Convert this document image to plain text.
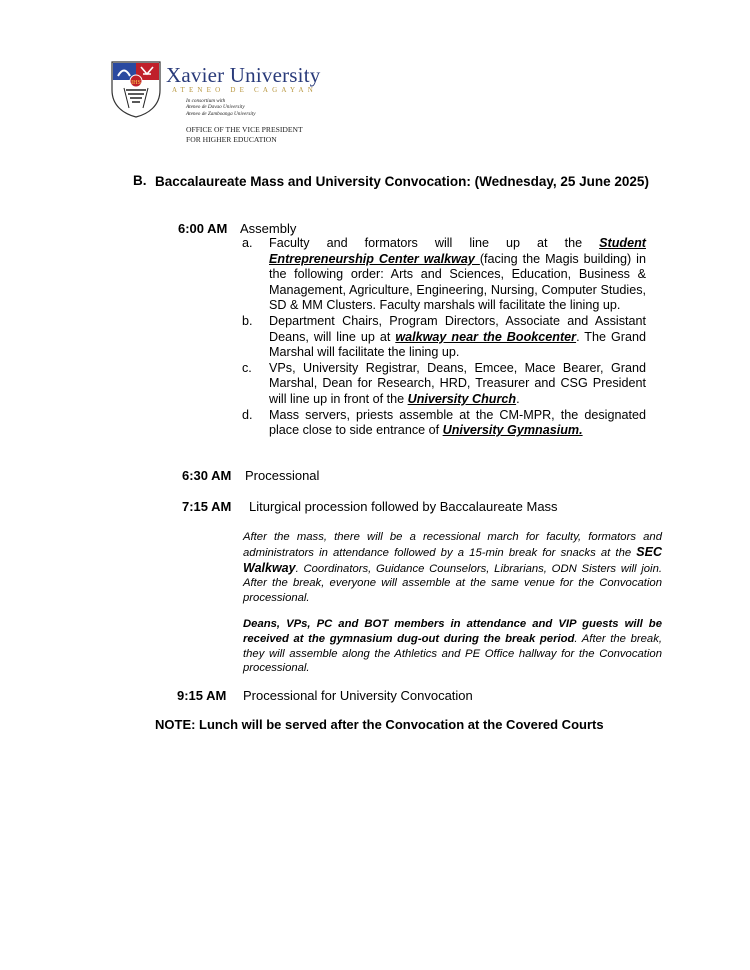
IHS Xavier University
ATENEO DE CAGAYAN
In consortium with
Ateneo de Davao University
Ateneo de Zamboanga University
OFFICE OF THE VICE PRESIDENT
FOR HIGHER EDUCATION
B. Baccalaureate Mass and University Convocation: (Wednesday, 25 June 2025)
6:00 AM Assembly
a.	Faculty and formators will line up at the Student Entrepreneurship Center walkway (facing the Magis building) in the following order: Arts and Sciences, Education, Business & Management, Agriculture, Engineering, Nursing, Computer Studies, SD & MM Clusters. Faculty marshals will facilitate the lining up.
b.	Department Chairs, Program Directors, Associate and Assistant Deans, will line up at walkway near the Bookcenter. The Grand Marshal will facilitate the lining up.
c.	VPs, University Registrar, Deans, Emcee, Mace Bearer, Grand Marshal, Dean for Research, HRD, Treasurer and CSG President will line up in front of the University Church.
d.	Mass servers, priests assemble at the CM-MPR, the designated place close to side entrance of University Gymnasium.
6:30 AM Processional
7:15 AM Liturgical procession followed by Baccalaureate Mass
After the mass, there will be a recessional march for faculty, formators and administrators in attendance followed by a 15-min break for snacks at the SEC Walkway. Coordinators, Guidance Counselors, Librarians, ODN Sisters will join. After the break, everyone will assemble at the same venue for the Convocation processional.
Deans, VPs, PC and BOT members in attendance and VIP guests will be received at the gymnasium dug-out during the break period. After the break, they will assemble along the Athletics and PE Office hallway for the Convocation processional.
9:15 AM Processional for University Convocation
NOTE: Lunch will be served after the Convocation at the Covered Courts
